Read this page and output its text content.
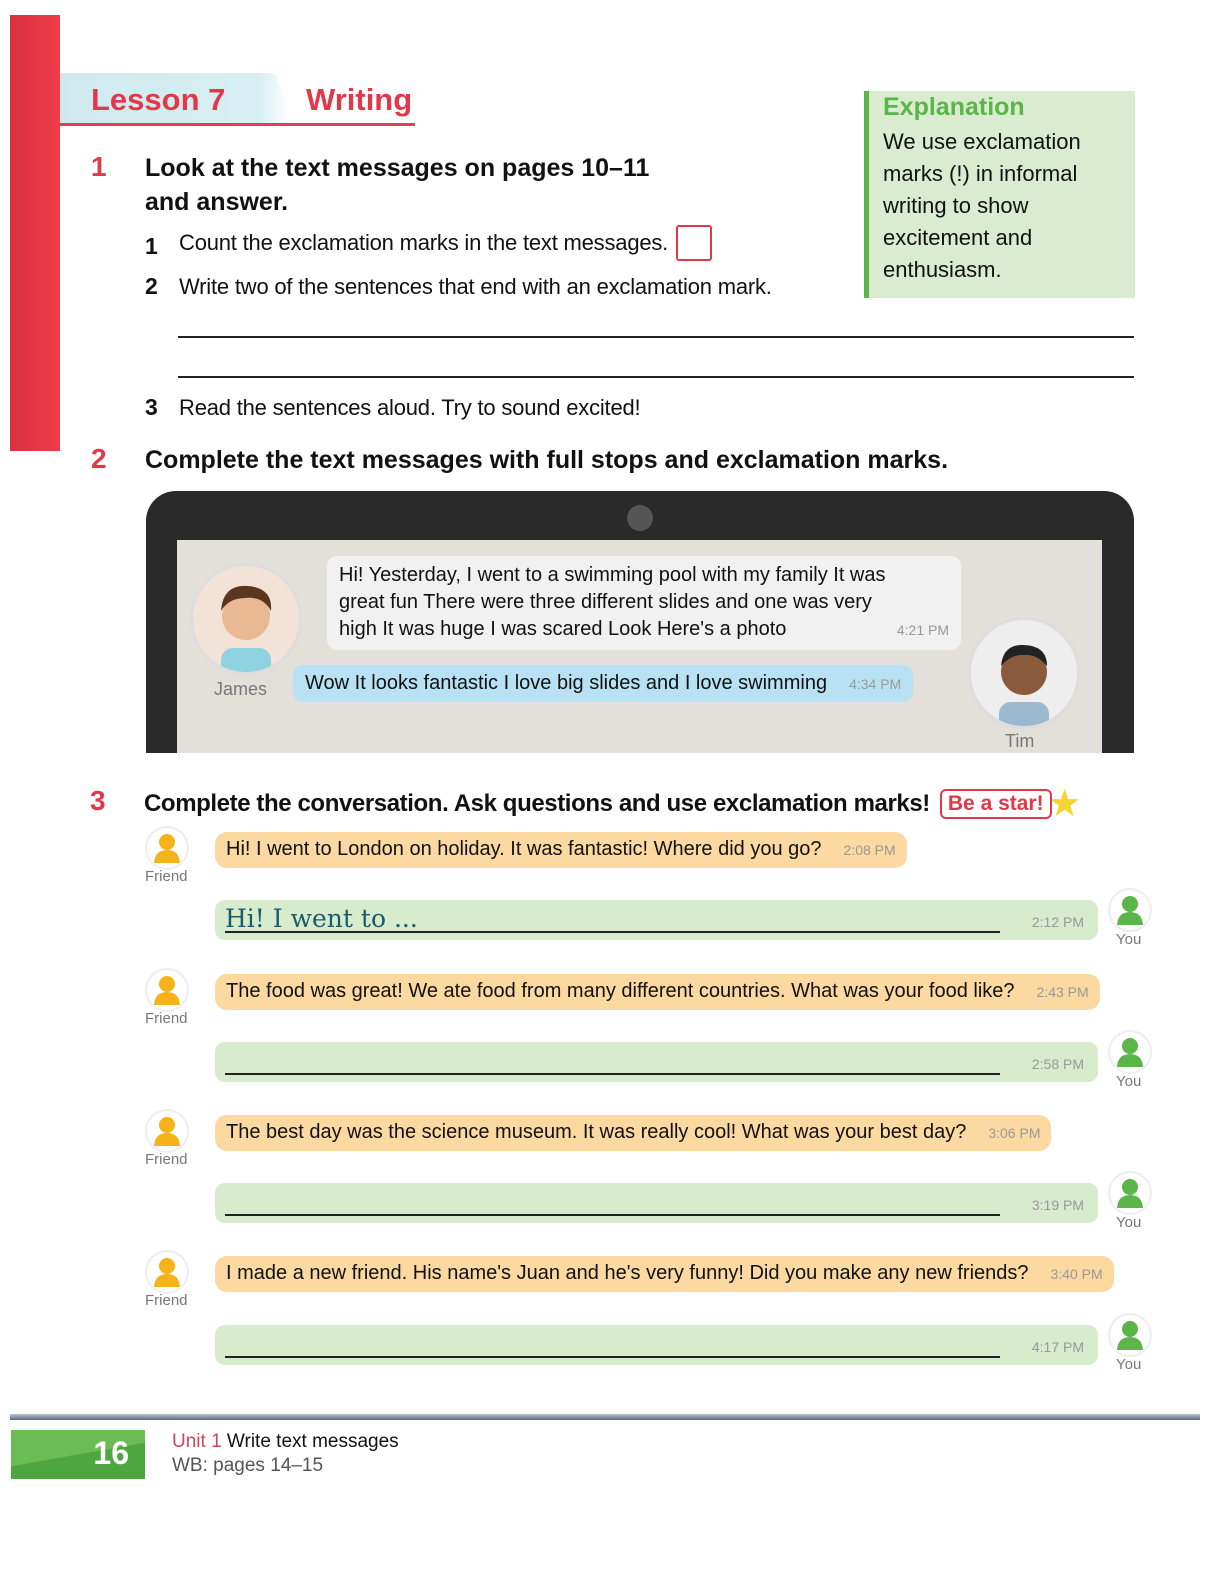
Lesson 7	Writing
1 Look at the text messages on pages 10–11
and answer.
1 Count the exclamation marks in the text messages.
2 Write two of the sentences that end with an exclamation mark.
3 Read the sentences aloud. Try to sound excited!
Explanation

We use exclamation
marks (!) in informal
writing to show
excitement and
enthusiasm.

2 Complete the text messages with full stops and exclamation marks.
James
Hi! Yesterday, I went to a swimming pool with my family It was
great fun There were three different slides and one was very
high It was huge I was scared Look Here's a photo	4:21 PM
Wow It looks fantastic I love big slides and I love swimming 4:34 PM
Tim
3 Complete the conversation. Ask questions and use exclamation marks! Be a star! ★
Friend
Hi! I went to London on holiday. It was fantastic! Where did you go? 2:08 PM
Hi! I went to ...	2:12 PM
You
Friend
The food was great! We ate food from many different countries. What was your food like? 2:43 PM
2:58 PM
You
Friend
The best day was the science museum. It was really cool! What was your best day? 3:06 PM
3:19 PM
You
Friend
I made a new friend. His name's Juan and he's very funny! Did you make any new friends? 3:40 PM
4:17 PM
You
16 Unit 1 Write text messages
WB: pages 14–15
